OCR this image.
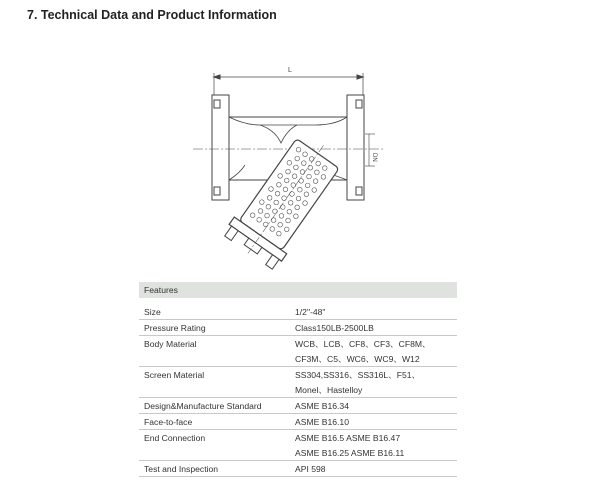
7. Technical Data and Product Information
L
DN
Features	

Size	1/2"-48"
Pressure Rating	Class150LB-2500LB
Body Material	WCB、LCB、CF8、CF3、CF8M、
	CF3M、C5、WC6、WC9、W12
Screen Material	SS304,SS316、SS316L、F51、
	Monel、Hastelloy
Design&Manufacture Standard	ASME B16.34
Face-to-face	ASME B16.10
End Connection	ASME B16.5 ASME B16.47
	ASME B16.25 ASME B16.11
Test and Inspection	API 598
